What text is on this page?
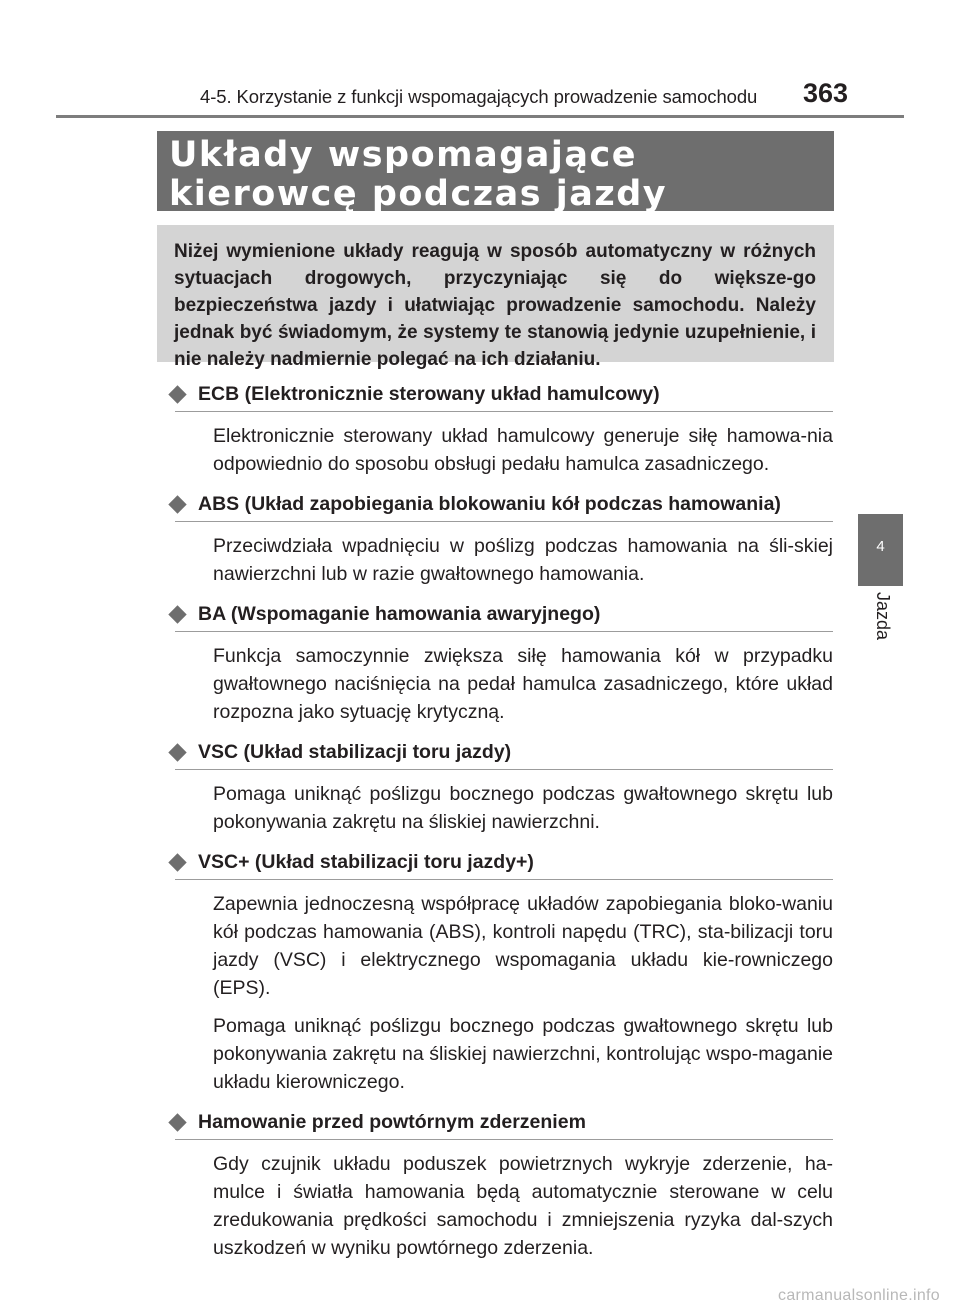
4-5. Korzystanie z funkcji wspomagających prowadzenie samochodu 363
Układy wspomagające kierowcę podczas jazdy

Niżej wymienione układy reagują w sposób automatyczny w różnych sytuacjach drogowych, przyczyniając się do większe-go bezpieczeństwa jazdy i ułatwiając prowadzenie samochodu. Należy jednak być świadomym, że systemy te stanowią jedynie uzupełnienie, i nie należy nadmiernie polegać na ich działaniu.

ECB (Elektronicznie sterowany układ hamulcowy)

Elektronicznie sterowany układ hamulcowy generuje siłę hamowa-nia odpowiednio do sposobu obsługi pedału hamulca zasadniczego.

ABS (Układ zapobiegania blokowaniu kół podczas hamowania)

Przeciwdziała wpadnięciu w poślizg podczas hamowania na śli-skiej nawierzchni lub w razie gwałtownego hamowania.

BA (Wspomaganie hamowania awaryjnego)

Funkcja samoczynnie zwiększa siłę hamowania kół w przypadku gwałtownego naciśnięcia na pedał hamulca zasadniczego, które układ rozpozna jako sytuację krytyczną.

VSC (Układ stabilizacji toru jazdy)

Pomaga uniknąć poślizgu bocznego podczas gwałtownego skrętu lub pokonywania zakrętu na śliskiej nawierzchni.

VSC+ (Układ stabilizacji toru jazdy+)

Zapewnia jednoczesną współpracę układów zapobiegania bloko-waniu kół podczas hamowania (ABS), kontroli napędu (TRC), sta-bilizacji toru jazdy (VSC) i elektrycznego wspomagania układu kie-rowniczego (EPS).

Pomaga uniknąć poślizgu bocznego podczas gwałtownego skrętu lub pokonywania zakrętu na śliskiej nawierzchni, kontrolując wspo-maganie układu kierowniczego.

Hamowanie przed powtórnym zderzeniem

Gdy czujnik układu poduszek powietrznych wykryje zderzenie, ha-mulce i światła hamowania będą automatycznie sterowane w celu zredukowania prędkości samochodu i zmniejszenia ryzyka dal-szych uszkodzeń w wyniku powtórnego zderzenia.

4
Jazda
carmanualsonline.info
